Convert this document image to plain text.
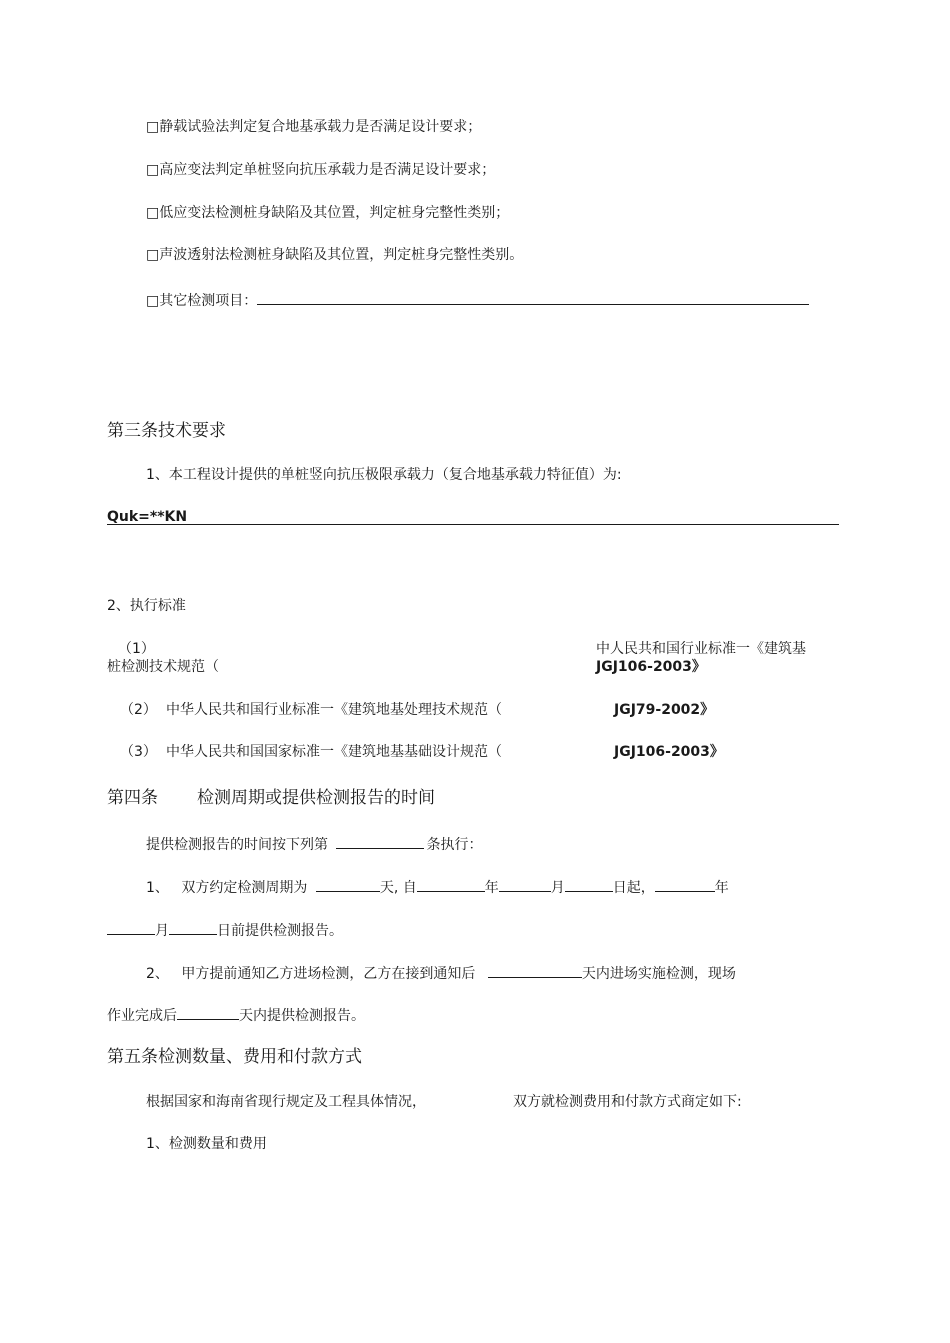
□静载试验法判定复合地基承载力是否满足设计要求；
□高应变法判定单桩竖向抗压承载力是否满足设计要求；
□低应变法检测桩身缺陷及其位置，判定桩身完整性类别；
□声波透射法检测桩身缺陷及其位置，判定桩身完整性类别。
□其它检测项目：
第三条技术要求
1、本工程设计提供的单桩竖向抗压极限承载力（复合地基承载力特征值）为:
Quk=**KN
2、执行标准
（1）	中人民共和国行业标准一《建筑基
桩检测技术规范（	JGJ106-2003》
（2） 中华人民共和国行业标准一《建筑地基处理技术规范（	JGJ79-2002》
（3） 中华人民共和国国家标准一《建筑地基基础设计规范（	JGJ106-2003》
第四条 检测周期或提供检测报告的时间
提供检测报告的时间按下列第	条执行：
1、 双方约定检测周期为	天, 自	年	月	日起，	年
月	日前提供检测报告。
2、 甲方提前通知乙方进场检测，乙方在接到通知后	天内进场实施检测，现场
作业完成后	天内提供检测报告。
第五条检测数量、费用和付款方式
根据国家和海南省现行规定及工程具体情况，	双方就检测费用和付款方式商定如下:
1、检测数量和费用
